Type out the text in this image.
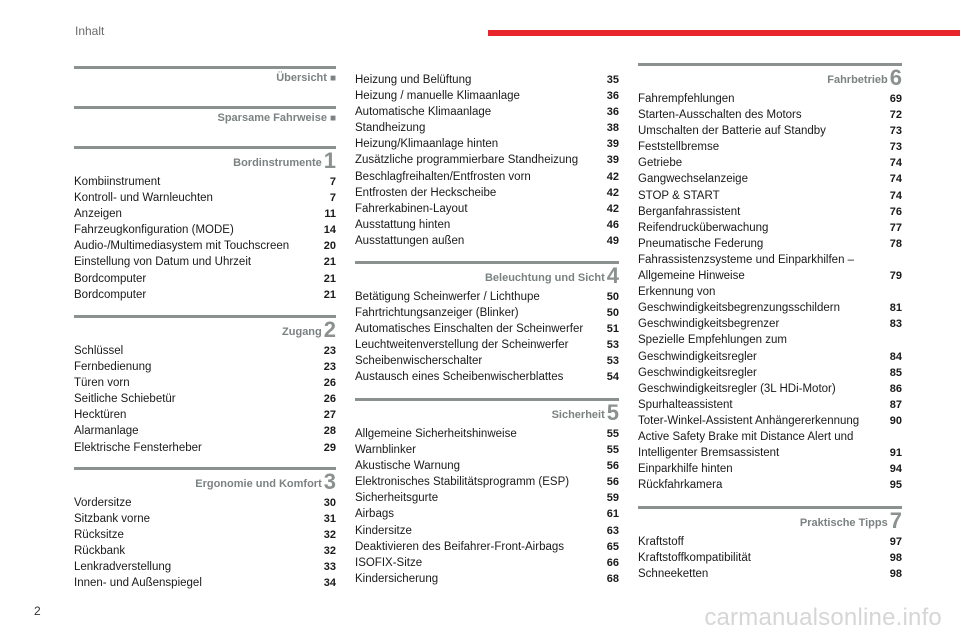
Inhalt
Übersicht ■
Sparsame Fahrweise ■
Bordinstrumente1
Kombiinstrument	7
Kontroll- und Warnleuchten	7
Anzeigen	11
Fahrzeugkonfiguration (MODE)	14
Audio-/Multimediasystem mit Touchscreen	20
Einstellung von Datum und Uhrzeit	21
Bordcomputer	21
Bordcomputer	21
Zugang2
Schlüssel	23
Fernbedienung	23
Türen vorn	26
Seitliche Schiebetür	26
Hecktüren	27
Alarmanlage	28
Elektrische Fensterheber	29
Ergonomie und Komfort3
Vordersitze	30
Sitzbank vorne	31
Rücksitze	32
Rückbank	32
Lenkradverstellung	33
Innen- und Außenspiegel	34
Heizung und Belüftung	35
Heizung / manuelle Klimaanlage	36
Automatische Klimaanlage	36
Standheizung	38
Heizung/Klimaanlage hinten	39
Zusätzliche programmierbare Standheizung	39
Beschlagfreihalten/Entfrosten vorn	42
Entfrosten der Heckscheibe	42
Fahrerkabinen-Layout	42
Ausstattung hinten	46
Ausstattungen außen	49
Beleuchtung und Sicht4
Betätigung Scheinwerfer / Lichthupe	50
Fahrtrichtungsanzeiger (Blinker)	50
Automatisches Einschalten der Scheinwerfer 51
Leuchtweitenverstellung der Scheinwerfer	53
Scheibenwischerschalter	53
Austausch eines Scheibenwischerblattes	54
Sicherheit5
Allgemeine Sicherheitshinweise	55
Warnblinker	55
Akustische Warnung	56
Elektronisches Stabilitätsprogramm (ESP)	56
Sicherheitsgurte	59
Airbags	61
Kindersitze	63
Deaktivieren des Beifahrer-Front-Airbags	65
ISOFIX-Sitze	66
Kindersicherung	68
Fahrbetrieb6
Fahrempfehlungen	69
Starten-Ausschalten des Motors	72
Umschalten der Batterie auf Standby	73
Feststellbremse	73
Getriebe	74
Gangwechselanzeige	74
STOP & START	74
Berganfahrassistent	76
Reifendrucküberwachung	77
Pneumatische Federung	78
Fahrassistenzsysteme und Einparkhilfen –
Allgemeine Hinweise	79
Erkennung von
Geschwindigkeitsbegrenzungsschildern	81
Geschwindigkeitsbegrenzer	83
Spezielle Empfehlungen zum
Geschwindigkeitsregler	84
Geschwindigkeitsregler	85
Geschwindigkeitsregler (3L HDi-Motor)	86
Spurhalteassistent	87
Toter-Winkel-Assistent Anhängererkennung	90
Active Safety Brake mit Distance Alert und
Intelligenter Bremsassistent	91
Einparkhilfe hinten	94
Rückfahrkamera	95
Praktische Tipps7
Kraftstoff	97
Kraftstoffkompatibilität	98
Schneeketten	98
2	carmanualsonline.info
